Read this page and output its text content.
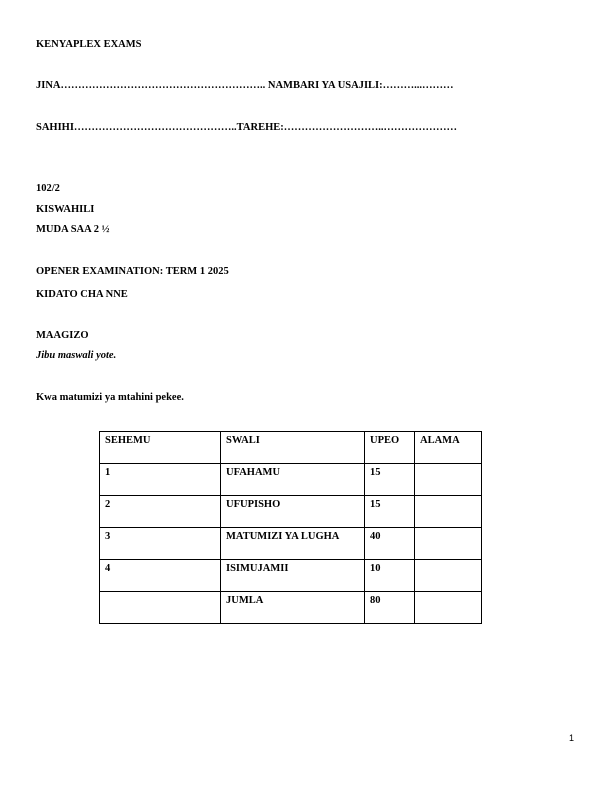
KENYAPLEX EXAMS
JINA………………………………………………….. NAMBARI YA USAJILI:………...………
SAHIHI………………………………………..TAREHE:………………………..…………………
102/2
KISWAHILI
MUDA SAA 2 ½
OPENER EXAMINATION: TERM 1 2025
KIDATO CHA NNE
MAAGIZO
Jibu maswali yote.
Kwa matumizi ya mtahini pekee.
SEHEMU	SWALI	UPEO	ALAMA
1	UFAHAMU	15	
2	UFUPISHO	15	
3	MATUMIZI YA LUGHA	40	
4	ISIMUJAMII	10	
	JUMLA	80	
1
